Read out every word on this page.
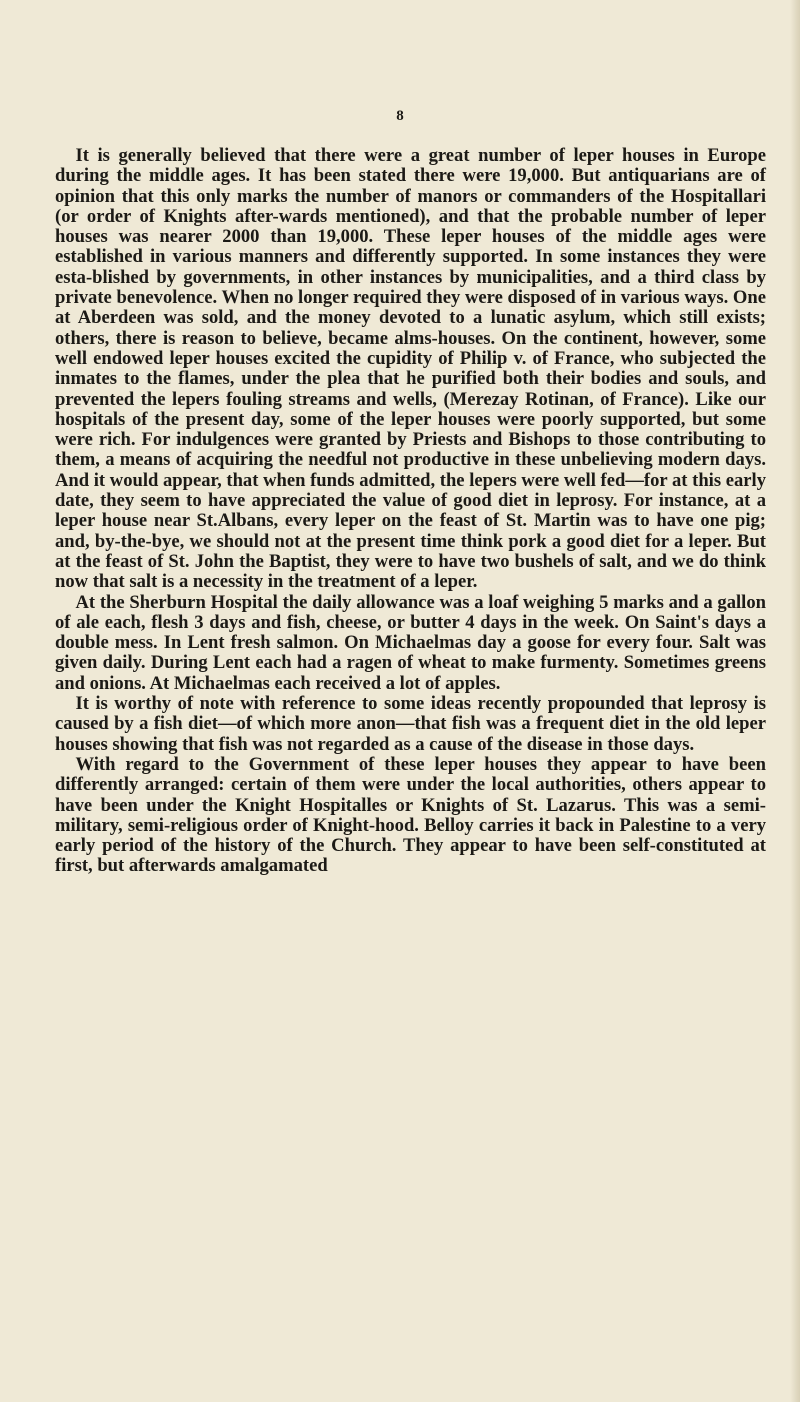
8

It is generally believed that there were a great number of leper houses in Europe during the middle ages. It has been stated there were 19,000. But antiquarians are of opinion that this only marks the number of manors or commanders of the Hospitallari (or order of Knights after-wards mentioned), and that the probable number of leper houses was nearer 2000 than 19,000. These leper houses of the middle ages were established in various manners and differently supported. In some instances they were esta-blished by governments, in other instances by municipalities, and a third class by private benevolence. When no longer required they were disposed of in various ways. One at Aberdeen was sold, and the money devoted to a lunatic asylum, which still exists; others, there is reason to believe, became alms-houses. On the continent, however, some well endowed leper houses excited the cupidity of Philip v. of France, who subjected the inmates to the flames, under the plea that he purified both their bodies and souls, and prevented the lepers fouling streams and wells, (Merezay Rotinan, of France). Like our hospitals of the present day, some of the leper houses were poorly supported, but some were rich. For indulgences were granted by Priests and Bishops to those contributing to them, a means of acquiring the needful not productive in these unbelieving modern days. And it would appear, that when funds admitted, the lepers were well fed—for at this early date, they seem to have appreciated the value of good diet in leprosy. For instance, at a leper house near St.Albans, every leper on the feast of St. Martin was to have one pig; and, by-the-bye, we should not at the present time think pork a good diet for a leper. But at the feast of St. John the Baptist, they were to have two bushels of salt, and we do think now that salt is a necessity in the treatment of a leper.

At the Sherburn Hospital the daily allowance was a loaf weighing 5 marks and a gallon of ale each, flesh 3 days and fish, cheese, or butter 4 days in the week. On Saint's days a double mess. In Lent fresh salmon. On Michaelmas day a goose for every four. Salt was given daily. During Lent each had a ragen of wheat to make furmenty. Sometimes greens and onions. At Michaelmas each received a lot of apples.

It is worthy of note with reference to some ideas recently propounded that leprosy is caused by a fish diet—of which more anon—that fish was a frequent diet in the old leper houses showing that fish was not regarded as a cause of the disease in those days.

With regard to the Government of these leper houses they appear to have been differently arranged: certain of them were under the local authorities, others appear to have been under the Knight Hospitalles or Knights of St. Lazarus. This was a semi-military, semi-religious order of Knight-hood. Belloy carries it back in Palestine to a very early period of the history of the Church. They appear to have been self-constituted at first, but afterwards amalgamated
